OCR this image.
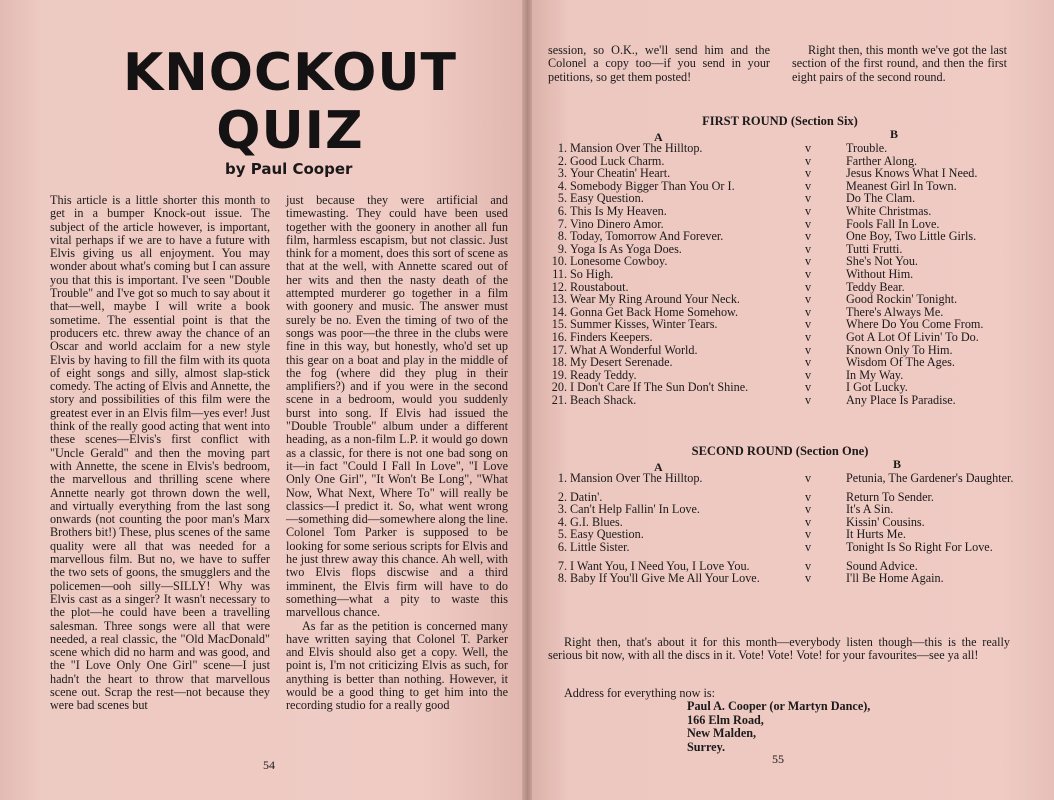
KNOCKOUT
QUIZ
by Paul Cooper

This article is a little shorter this month to get in a bumper Knock-out issue. The subject of the article however, is important, vital perhaps if we are to have a future with Elvis giving us all enjoyment. You may wonder about what's coming but I can assure you that this is important. I've seen "Double Trouble" and I've got so much to say about it that—well, maybe I will write a book sometime. The essential point is that the producers etc. threw away the chance of an Oscar and world acclaim for a new style Elvis by having to fill the film with its quota of eight songs and silly, almost slap-stick comedy. The acting of Elvis and Annette, the story and possibilities of this film were the greatest ever in an Elvis film—yes ever! Just think of the really good acting that went into these scenes—Elvis's first conflict with "Uncle Gerald" and then the moving part with Annette, the scene in Elvis's bedroom, the marvellous and thrilling scene where Annette nearly got thrown down the well, and virtually everything from the last song onwards (not counting the poor man's Marx Brothers bit!) These, plus scenes of the same quality were all that was needed for a marvellous film. But no, we have to suffer the two sets of goons, the smugglers and the policemen—ooh silly—SILLY! Why was Elvis cast as a singer? It wasn't necessary to the plot—he could have been a travelling salesman. Three songs were all that were needed, a real classic, the "Old MacDonald" scene which did no harm and was good, and the "I Love Only One Girl" scene—I just hadn't the heart to throw that marvellous scene out. Scrap the rest—not because they were bad scenes but

just because they were artificial and timewasting. They could have been used together with the goonery in another all fun film, harmless escapism, but not classic. Just think for a moment, does this sort of scene as that at the well, with Annette scared out of her wits and then the nasty death of the attempted murderer go together in a film with goonery and music. The answer must surely be no. Even the timing of two of the songs was poor—the three in the clubs were fine in this way, but honestly, who'd set up this gear on a boat and play in the middle of the fog (where did they plug in their amplifiers?) and if you were in the second scene in a bedroom, would you suddenly burst into song. If Elvis had issued the "Double Trouble" album under a different heading, as a non-film L.P. it would go down as a classic, for there is not one bad song on it—in fact "Could I Fall In Love", "I Love Only One Girl", "It Won't Be Long", "What Now, What Next, Where To" will really be classics—I predict it. So, what went wrong—something did—somewhere along the line. Colonel Tom Parker is supposed to be looking for some serious scripts for Elvis and he just threw away this chance. Ah well, with two Elvis flops discwise and a third imminent, the Elvis firm will have to do something—what a pity to waste this marvellous chance.

As far as the petition is concerned many have written saying that Colonel T. Parker and Elvis should also get a copy. Well, the point is, I'm not criticizing Elvis as such, for anything is better than nothing. However, it would be a good thing to get him into the recording studio for a really good

54
session, so O.K., we'll send him and the Colonel a copy too—if you send in your petitions, so get them posted!

Right then, this month we've got the last section of the first round, and then the first eight pairs of the second round.

FIRST ROUND (Section Six)
A	B
1. Mansion Over The Hilltop.	v	Trouble.
2. Good Luck Charm.	v	Farther Along.
3. Your Cheatin' Heart.	v	Jesus Knows What I Need.
4. Somebody Bigger Than You Or I.	v	Meanest Girl In Town.
5. Easy Question.	v	Do The Clam.
6. This Is My Heaven.	v	White Christmas.
7. Vino Dinero Amor.	v	Fools Fall In Love.
8. Today, Tomorrow And Forever.	v	One Boy, Two Little Girls.
9. Yoga Is As Yoga Does.	v	Tutti Frutti.
10. Lonesome Cowboy.	v	She's Not You.
11. So High.	v	Without Him.
12. Roustabout.	v	Teddy Bear.
13. Wear My Ring Around Your Neck.	v	Good Rockin' Tonight.
14. Gonna Get Back Home Somehow.	v	There's Always Me.
15. Summer Kisses, Winter Tears.	v	Where Do You Come From.
16. Finders Keepers.	v	Got A Lot Of Livin' To Do.
17. What A Wonderful World.	v	Known Only To Him.
18. My Desert Serenade.	v	Wisdom Of The Ages.
19. Ready Teddy.	v	In My Way.
20. I Don't Care If The Sun Don't Shine.	v	I Got Lucky.
21. Beach Shack.	v	Any Place Is Paradise.
SECOND ROUND (Section One)
A	B
1. Mansion Over The Hilltop.	v	Petunia, The Gardener's Daughter.
2. Datin'.	v	Return To Sender.
3. Can't Help Fallin' In Love.	v	It's A Sin.
4. G.I. Blues.	v	Kissin' Cousins.
5. Easy Question.	v	It Hurts Me.
6. Little Sister.	v	Tonight Is So Right For Love.
7. I Want You, I Need You, I Love You.	v	Sound Advice.
8. Baby If You'll Give Me All Your Love.	v	I'll Be Home Again.

Right then, that's about it for this month—everybody listen though—this is the really serious bit now, with all the discs in it. Vote! Vote! Vote! for your favourites—see ya all!

Address for everything now is:
Paul A. Cooper (or Martyn Dance),
166 Elm Road,
New Malden,
Surrey.
55
